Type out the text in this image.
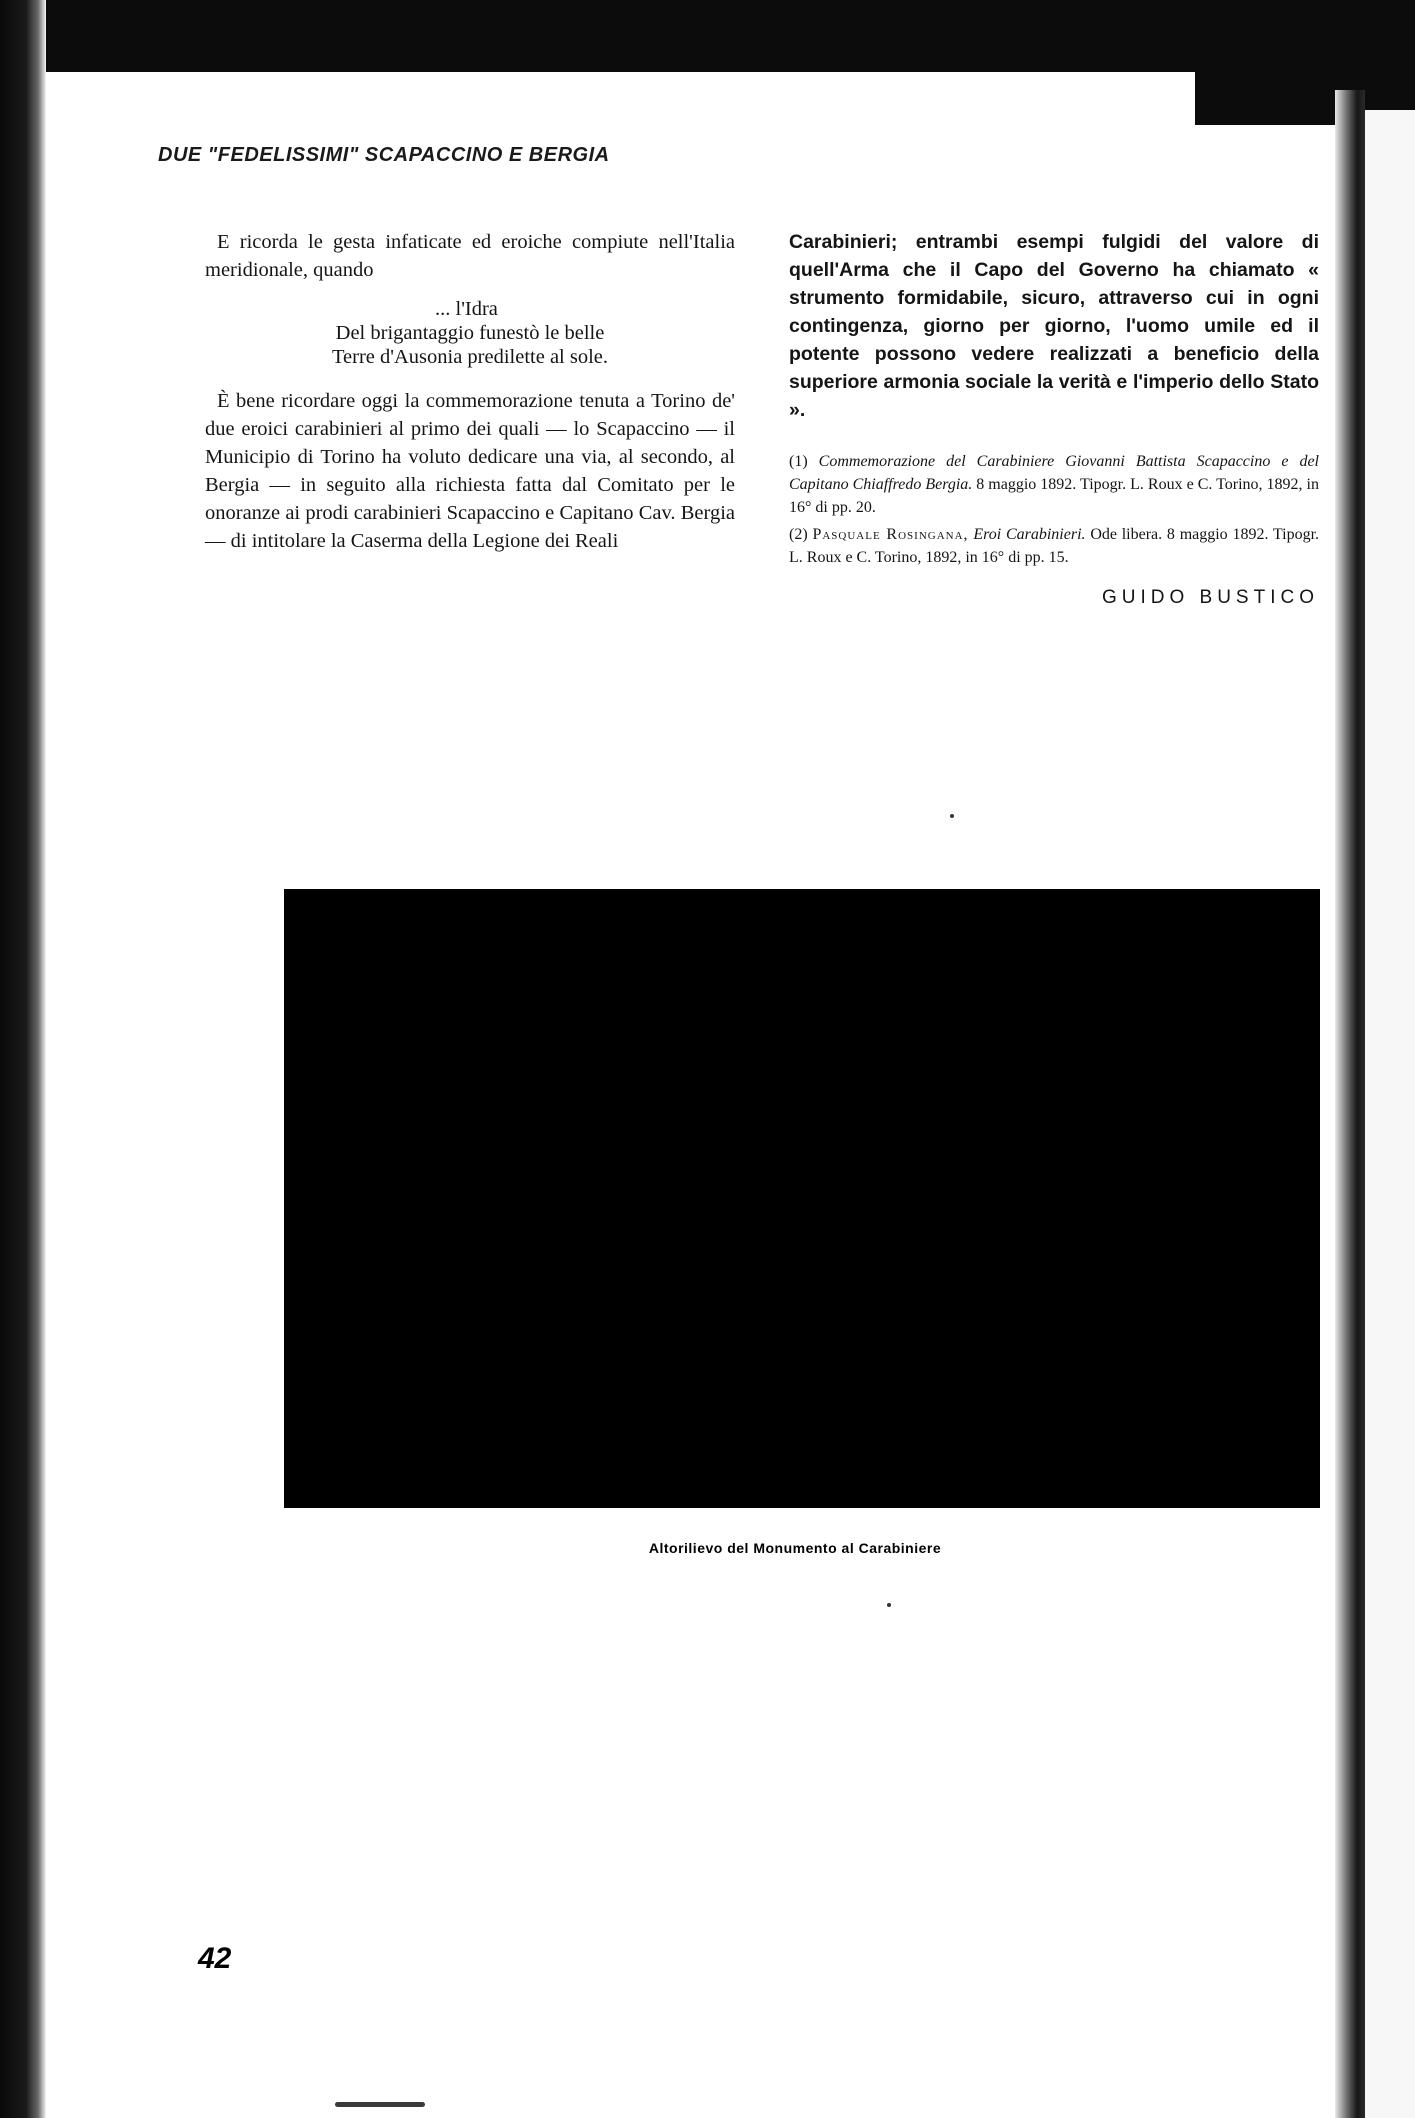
DUE "FEDELISSIMI" SCAPACCINO E BERGIA

E ricorda le gesta infaticate ed eroiche compiute nell'Italia meridionale, quando

... l'Idra
Del brigantaggio funestò le belle
Terre d'Ausonia predilette al sole.

È bene ricordare oggi la commemorazione tenuta a Torino de' due eroici carabinieri al primo dei quali — lo Scapaccino — il Municipio di Torino ha voluto dedicare una via, al secondo, al Bergia — in seguito alla richiesta fatta dal Comitato per le onoranze ai prodi carabinieri Scapaccino e Capitano Cav. Bergia — di intitolare la Caserma della Legione dei Reali

Carabinieri; entrambi esempi fulgidi del valore di quell'Arma che il Capo del Governo ha chiamato « strumento formidabile, sicuro, attraverso cui in ogni contingenza, giorno per giorno, l'uomo umile ed il potente possono vedere realizzati a beneficio della superiore armonia sociale la verità e l'imperio dello Stato ».

(1) Commemorazione del Carabiniere Giovanni Battista Scapaccino e del Capitano Chiaffredo Bergia. 8 maggio 1892. Tipogr. L. Roux e C. Torino, 1892, in 16° di pp. 20.

(2) Pasquale Rosingana, Eroi Carabinieri. Ode libera. 8 maggio 1892. Tipogr. L. Roux e C. Torino, 1892, in 16° di pp. 15.

GUIDO BUSTICO
Altorilievo del Monumento al Carabiniere
42
